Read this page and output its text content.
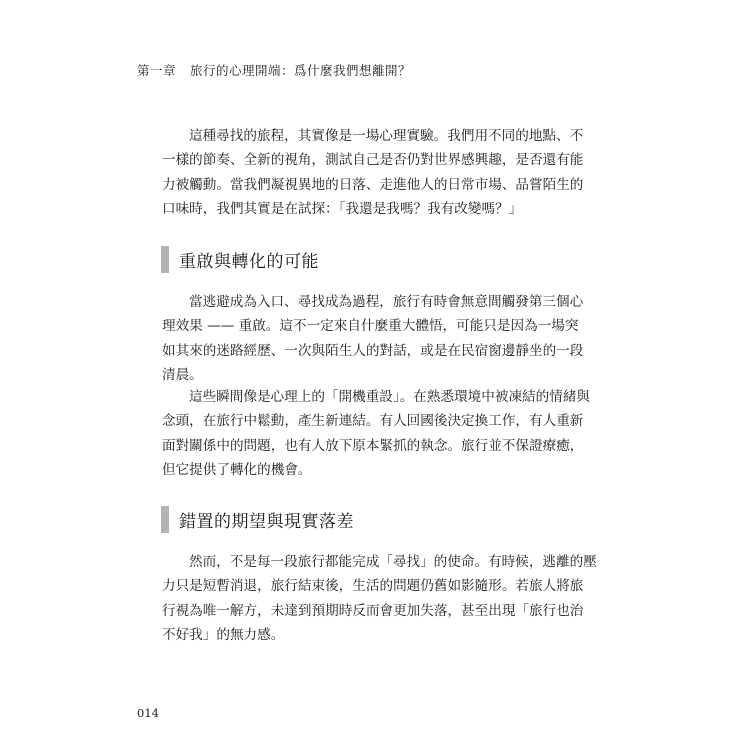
第一章 旅行的心理開端：爲什麼我們想離開？
這種尋找的旅程，其實像是一場心理實驗。我們用不同的地點、不
一樣的節奏、全新的視角，測試自己是否仍對世界感興趣，是否還有能
力被觸動。當我們凝視異地的日落、走進他人的日常市場、品嘗陌生的
口味時，我們其實是在試探：「我還是我嗎？我有改變嗎？」
重啟與轉化的可能
當逃避成為入口、尋找成為過程，旅行有時會無意間觸發第三個心
理效果 —— 重啟。這不一定來自什麼重大體悟，可能只是因為一場突
如其來的迷路經歷、一次與陌生人的對話，或是在民宿窗邊靜坐的一段
清晨。
這些瞬間像是心理上的「開機重設」。在熟悉環境中被凍結的情緒與
念頭，在旅行中鬆動，產生新連結。有人回國後決定換工作，有人重新
面對關係中的問題，也有人放下原本緊抓的執念。旅行並不保證療癒，
但它提供了轉化的機會。
錯置的期望與現實落差
然而，不是每一段旅行都能完成「尋找」的使命。有時候，逃離的壓
力只是短暫消退，旅行結束後，生活的問題仍舊如影隨形。若旅人將旅
行視為唯一解方，未達到預期時反而會更加失落，甚至出現「旅行也治
不好我」的無力感。
014
